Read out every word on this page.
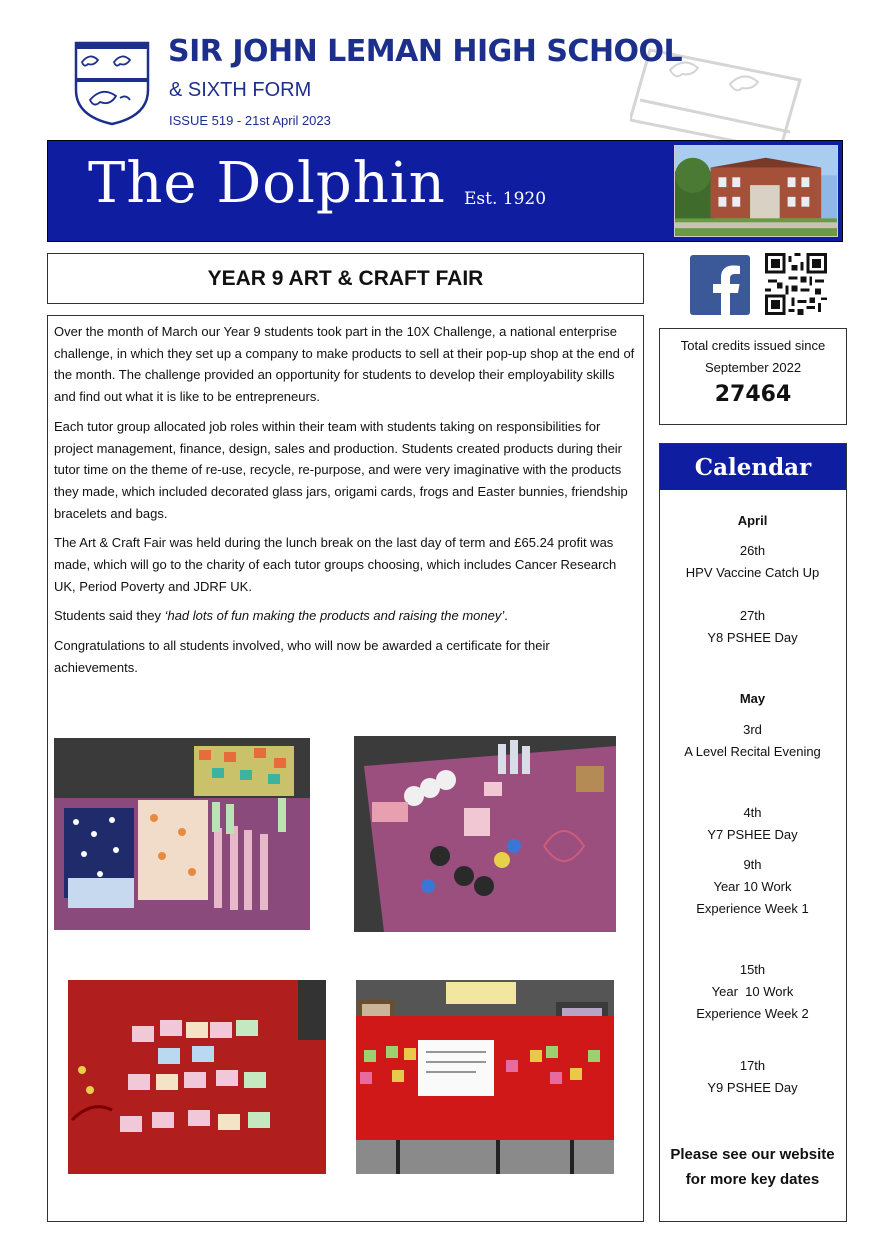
SIR JOHN LEMAN HIGH SCHOOL
& SIXTH FORM
ISSUE 519 - 21st April 2023
The Dolphin Est. 1920
YEAR 9 ART & CRAFT FAIR

Over the month of March our Year 9 students took part in the 10X Challenge, a national enterprise challenge, in which they set up a company to make products to sell at their pop-up shop at the end of the month. The challenge provided an opportunity for students to develop their employability skills and find out what it is like to be entrepreneurs.

Each tutor group allocated job roles within their team with students taking on responsibilities for project management, finance, design, sales and production. Students created products during their tutor time on the theme of re-use, recycle, re-purpose, and were very imaginative with the products they made, which included decorated glass jars, origami cards, frogs and Easter bunnies, friendship bracelets and bags.

The Art & Craft Fair was held during the lunch break on the last day of term and £65.24 profit was made, which will go to the charity of each tutor groups choosing, which includes Cancer Research UK, Period Poverty and JDRF UK.

Students said they ‘had lots of fun making the products and raising the money’.

Congratulations to all students involved, who will now be awarded a certificate for their achievements.

Total credits issued since September 2022
27464
Calendar
April
26th
HPV Vaccine Catch Up
27th
Y8 PSHEE Day
May
3rd
A Level Recital Evening
4th
Y7 PSHEE Day
9th
Year 10 Work Experience Week 1
15th
Year  10 Work Experience Week 2
17th
Y9 PSHEE Day
Please see our website for more key dates
